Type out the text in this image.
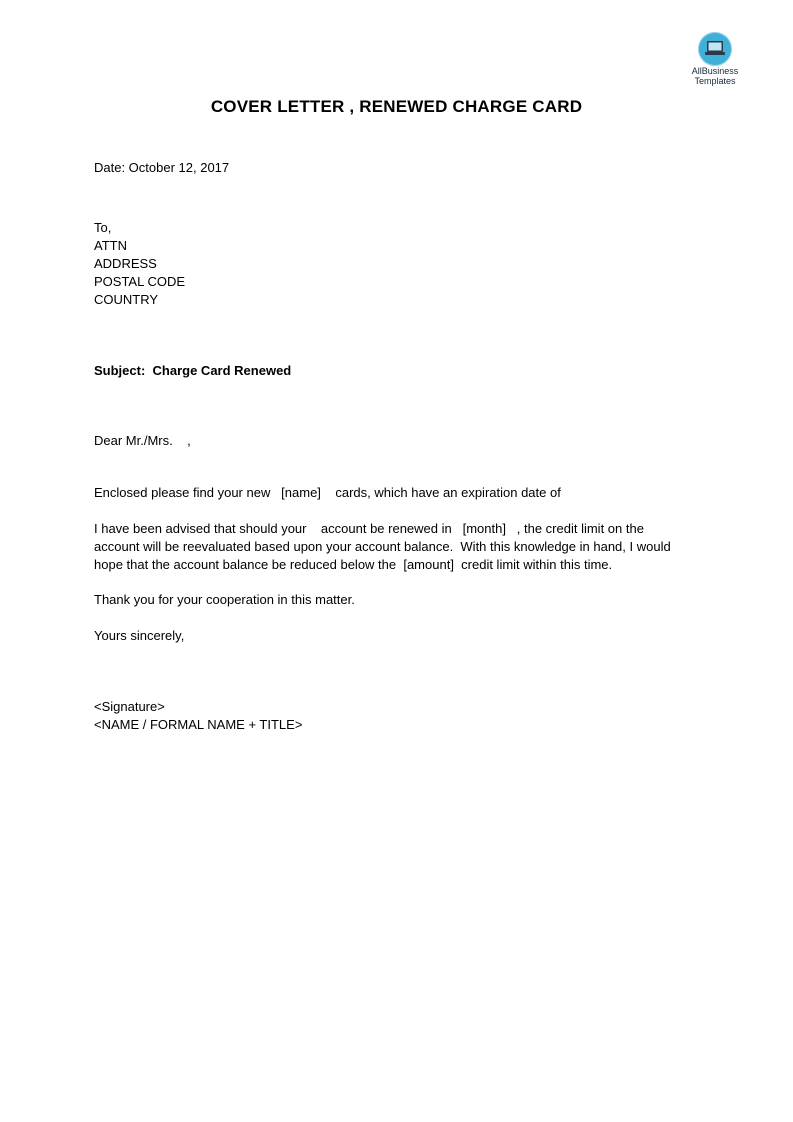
AllBusiness
Templates
COVER LETTER , RENEWED CHARGE CARD
Date: October 12, 2017
To,
ATTN
ADDRESS
POSTAL CODE
COUNTRY
Subject: Charge Card Renewed
Dear Mr./Mrs.    ,
Enclosed please find your new   [name]    cards, which have an expiration date of
I have been advised that should your    account be renewed in   [month]   , the credit limit on the
account will be reevaluated based upon your account balance.  With this knowledge in hand, I would
hope that the account balance be reduced below the  [amount]  credit limit within this time.
Thank you for your cooperation in this matter.
Yours sincerely,
<Signature>
<NAME / FORMAL NAME + TITLE>
